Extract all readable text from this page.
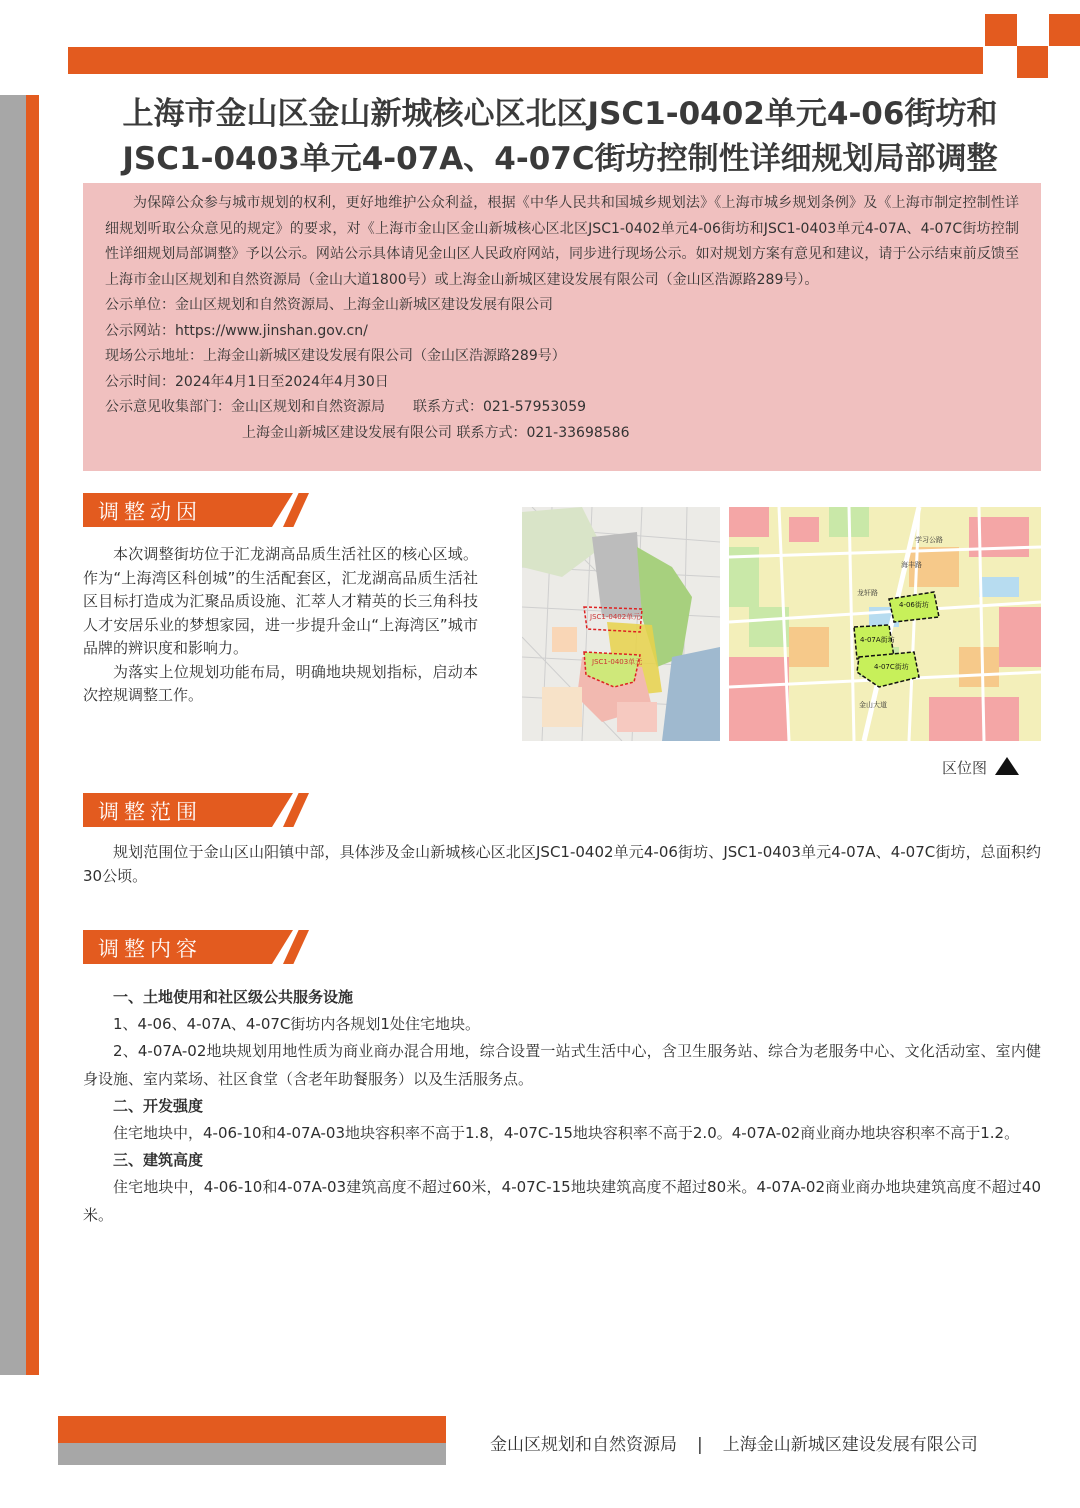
上海市金山区金山新城核心区北区JSC1-0402单元4-06街坊和
JSC1-0403单元4-07A、4-07C街坊控制性详细规划局部调整
为保障公众参与城市规划的权利，更好地维护公众利益，根据《中华人民共和国城乡规划法》《上海市城乡规划条例》及《上海市制定控制性详细规划听取公众意见的规定》的要求，对《上海市金山区金山新城核心区北区JSC1-0402单元4-06街坊和JSC1-0403单元4-07A、4-07C街坊控制性详细规划局部调整》予以公示。网站公示具体请见金山区人民政府网站，同步进行现场公示。如对规划方案有意见和建议，请于公示结束前反馈至上海市金山区规划和自然资源局（金山大道1800号）或上海金山新城区建设发展有限公司（金山区浩源路289号）。
公示单位：金山区规划和自然资源局、上海金山新城区建设发展有限公司
公示网站：https://www.jinshan.gov.cn/
现场公示地址：上海金山新城区建设发展有限公司（金山区浩源路289号）
公示时间：2024年4月1日至2024年4月30日
公示意见收集部门：金山区规划和自然资源局 联系方式：021-57953059
上海金山新城区建设发展有限公司 联系方式：021-33698586
调整动因

本次调整街坊位于汇龙湖高品质生活社区的核心区域。作为“上海湾区科创城”的生活配套区，汇龙湖高品质生活社区目标打造成为汇聚品质设施、汇萃人才精英的长三角科技人才安居乐业的梦想家园，进一步提升金山“上海湾区”城市品牌的辨识度和影响力。

为落实上位规划功能布局，明确地块规划指标，启动本次控规调整工作。

JSC1-0402单元
JSC1-0403单元
4-06街坊
4-07A街坊
4-07C街坊
学习公路
海丰路
龙轩路
金山大道
区位图
调整范围

规划范围位于金山区山阳镇中部，具体涉及金山新城核心区北区JSC1-0402单元4-06街坊、JSC1-0403单元4-07A、4-07C街坊，总面积约30公顷。

调整内容

一、土地使用和社区级公共服务设施

1、4-06、4-07A、4-07C街坊内各规划1处住宅地块。

2、4-07A-02地块规划用地性质为商业商办混合用地，综合设置一站式生活中心，含卫生服务站、综合为老服务中心、文化活动室、室内健身设施、室内菜场、社区食堂（含老年助餐服务）以及生活服务点。

二、开发强度

住宅地块中，4-06-10和4-07A-03地块容积率不高于1.8，4-07C-15地块容积率不高于2.0。4-07A-02商业商办地块容积率不高于1.2。

三、建筑高度

住宅地块中，4-06-10和4-07A-03建筑高度不超过60米，4-07C-15地块建筑高度不超过80米。4-07A-02商业商办地块建筑高度不超过40米。

金山区规划和自然资源局 | 上海金山新城区建设发展有限公司
